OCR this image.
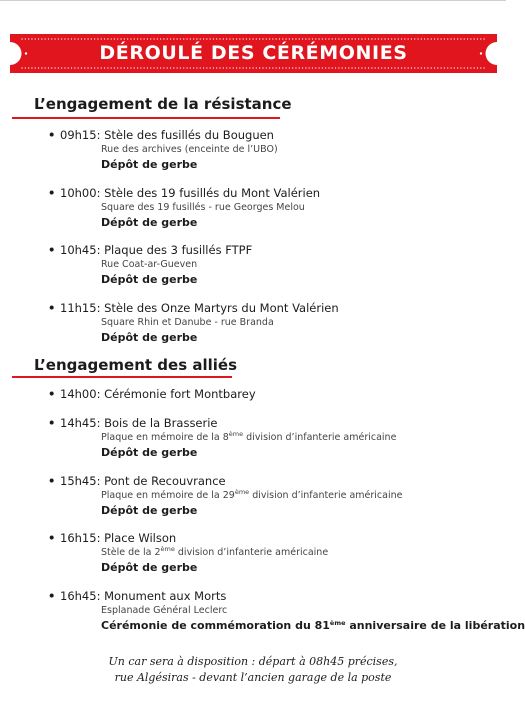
DÉROULÉ DES CÉRÉMONIES
L’engagement de la résistance
• 09h15: Stèle des fusillés du Bouguen
Rue des archives (enceinte de l’UBO)
Dépôt de gerbe
• 10h00: Stèle des 19 fusillés du Mont Valérien
Square des 19 fusillés - rue Georges Melou
Dépôt de gerbe
• 10h45: Plaque des 3 fusillés FTPF
Rue Coat-ar-Gueven
Dépôt de gerbe
• 11h15: Stèle des Onze Martyrs du Mont Valérien
Square Rhin et Danube - rue Branda
Dépôt de gerbe
L’engagement des alliés
• 14h00: Cérémonie fort Montbarey
• 14h45: Bois de la Brasserie
Plaque en mémoire de la 8ème division d’infanterie américaine
Dépôt de gerbe
• 15h45: Pont de Recouvrance
Plaque en mémoire de la 29ème division d’infanterie américaine
Dépôt de gerbe
• 16h15: Place Wilson
Stèle de la 2ème division d’infanterie américaine
Dépôt de gerbe
• 16h45: Monument aux Morts
Esplanade Général Leclerc
Cérémonie de commémoration du 81ème anniversaire de la libération
Un car sera à disposition : départ à 08h45 précises,
rue Algésiras - devant l’ancien garage de la poste
